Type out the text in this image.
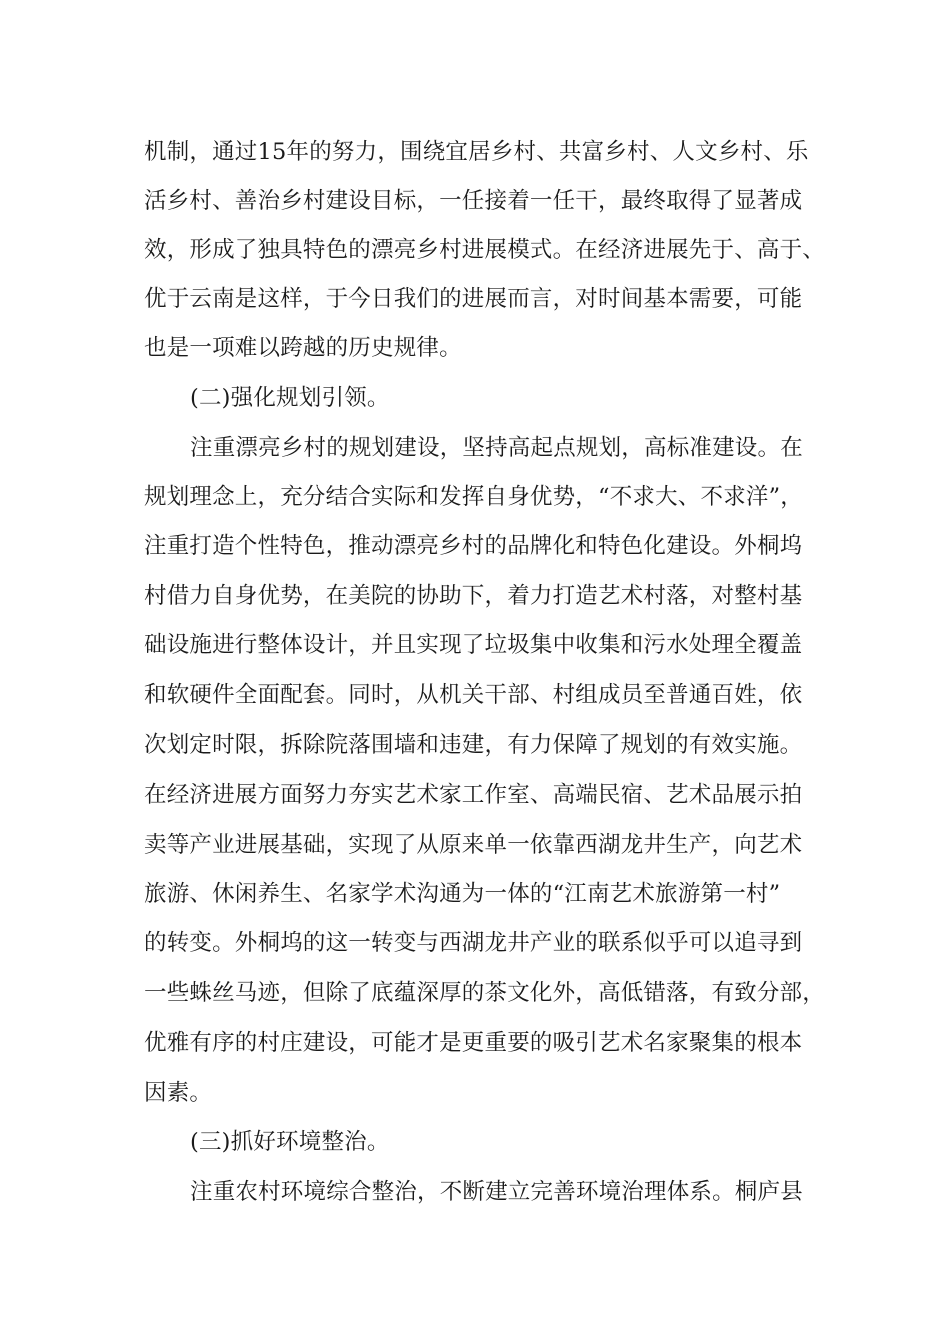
机制，通过15年的努力，围绕宜居乡村、共富乡村、人文乡村、乐
活乡村、善治乡村建设目标，一任接着一任干，最终取得了显著成
效，形成了独具特色的漂亮乡村进展模式。在经济进展先于、高于、
优于云南是这样，于今日我们的进展而言，对时间基本需要，可能
也是一项难以跨越的历史规律。
(二)强化规划引领。
注重漂亮乡村的规划建设，坚持高起点规划，高标准建设。在
规划理念上，充分结合实际和发挥自身优势，“不求大、不求洋”，
注重打造个性特色，推动漂亮乡村的品牌化和特色化建设。外桐坞
村借力自身优势，在美院的协助下，着力打造艺术村落，对整村基
础设施进行整体设计，并且实现了垃圾集中收集和污水处理全覆盖
和软硬件全面配套。同时，从机关干部、村组成员至普通百姓，依
次划定时限，拆除院落围墙和违建，有力保障了规划的有效实施。
在经济进展方面努力夯实艺术家工作室、高端民宿、艺术品展示拍
卖等产业进展基础，实现了从原来单一依靠西湖龙井生产，向艺术
旅游、休闲养生、名家学术沟通为一体的“江南艺术旅游第一村”
的转变。外桐坞的这一转变与西湖龙井产业的联系似乎可以追寻到
一些蛛丝马迹，但除了底蕴深厚的茶文化外，高低错落，有致分部，
优雅有序的村庄建设，可能才是更重要的吸引艺术名家聚集的根本
因素。
(三)抓好环境整治。
注重农村环境综合整治，不断建立完善环境治理体系。桐庐县
